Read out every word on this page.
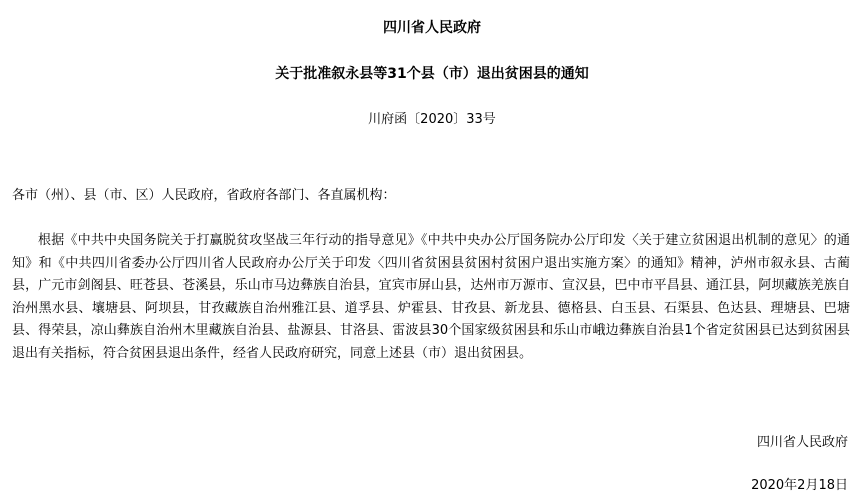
四川省人民政府
关于批准叙永县等31个县（市）退出贫困县的通知
川府函〔2020〕33号
各市（州）、县（市、区）人民政府，省政府各部门、各直属机构：

根据《中共中央国务院关于打赢脱贫攻坚战三年行动的指导意见》《中共中央办公厅国务院办公厅印发〈关于建立贫困退出机制的意见〉的通知》和《中共四川省委办公厅四川省人民政府办公厅关于印发〈四川省贫困县贫困村贫困户退出实施方案〉的通知》精神，泸州市叙永县、古蔺县，广元市剑阁县、旺苍县、苍溪县，乐山市马边彝族自治县，宜宾市屏山县，达州市万源市、宣汉县，巴中市平昌县、通江县，阿坝藏族羌族自治州黑水县、壤塘县、阿坝县，甘孜藏族自治州雅江县、道孚县、炉霍县、甘孜县、新龙县、德格县、白玉县、石渠县、色达县、理塘县、巴塘县、得荣县，凉山彝族自治州木里藏族自治县、盐源县、甘洛县、雷波县30个国家级贫困县和乐山市峨边彝族自治县1个省定贫困县已达到贫困县退出有关指标，符合贫困县退出条件，经省人民政府研究，同意上述县（市）退出贫困县。

四川省人民政府
2020年2月18日
